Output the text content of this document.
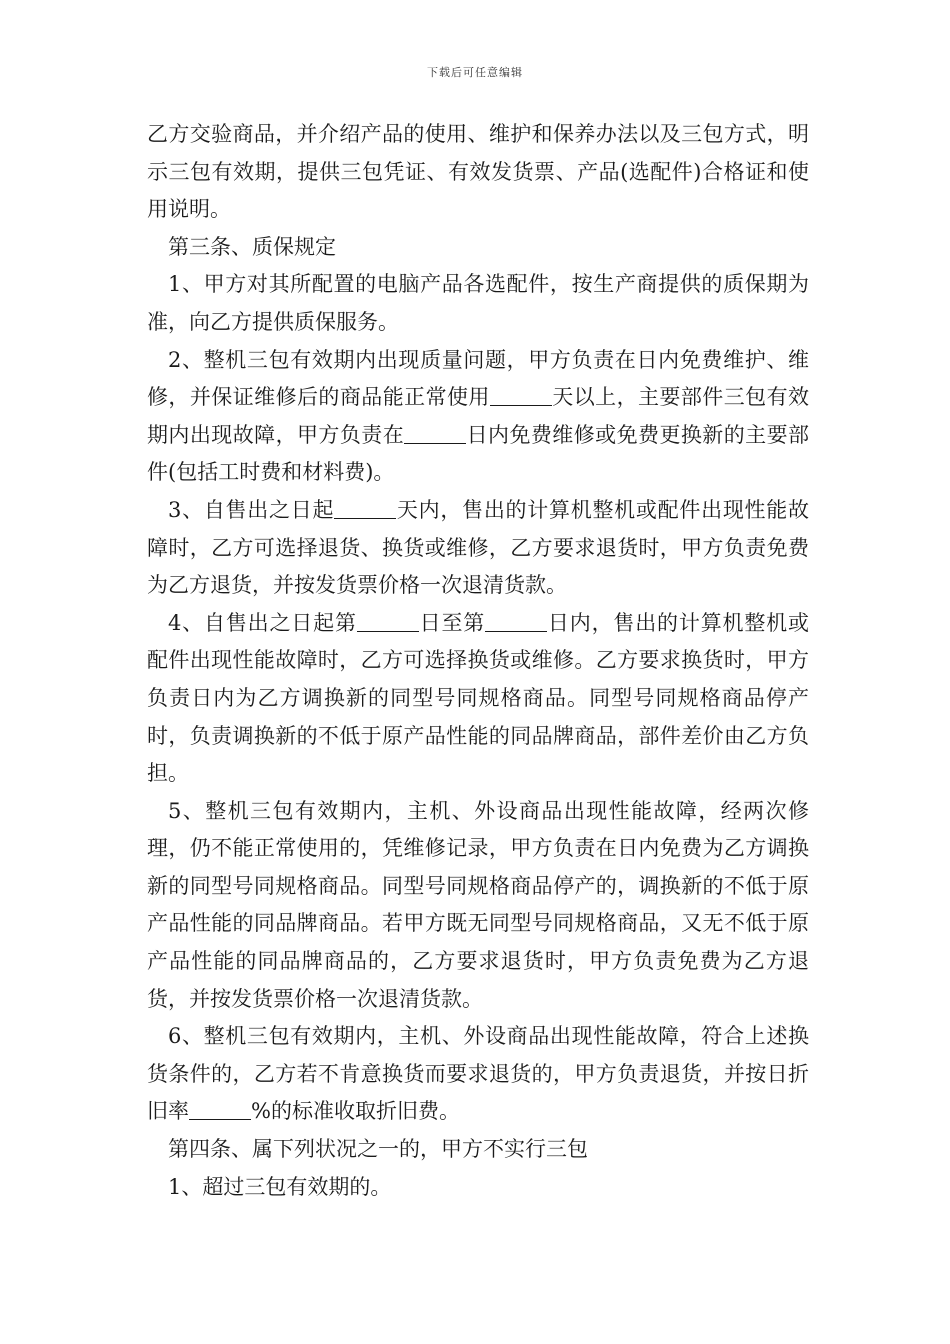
下载后可任意编辑

乙方交验商品，并介绍产品的使用、维护和保养办法以及三包方式，明示三包有效期，提供三包凭证、有效发货票、产品(选配件)合格证和使用说明。

第三条、质保规定

1、甲方对其所配置的电脑产品各选配件，按生产商提供的质保期为准，向乙方提供质保服务。

2、整机三包有效期内出现质量问题，甲方负责在日内免费维护、维修，并保证维修后的商品能正常使用	天以上，主要部件三包有效期内出现故障，甲方负责在	日内免费维修或免费更换新的主要部件(包括工时费和材料费)。

3、自售出之日起	天内，售出的计算机整机或配件出现性能故障时，乙方可选择退货、换货或维修，乙方要求退货时，甲方负责免费为乙方退货，并按发货票价格一次退清货款。

4、自售出之日起第	日至第	日内，售出的计算机整机或配件出现性能故障时，乙方可选择换货或维修。乙方要求换货时，甲方负责日内为乙方调换新的同型号同规格商品。同型号同规格商品停产时，负责调换新的不低于原产品性能的同品牌商品，部件差价由乙方负担。

5、整机三包有效期内，主机、外设商品出现性能故障，经两次修理，仍不能正常使用的，凭维修记录，甲方负责在日内免费为乙方调换新的同型号同规格商品。同型号同规格商品停产的，调换新的不低于原产品性能的同品牌商品。若甲方既无同型号同规格商品，又无不低于原产品性能的同品牌商品的，乙方要求退货时，甲方负责免费为乙方退货，并按发货票价格一次退清货款。

6、整机三包有效期内，主机、外设商品出现性能故障，符合上述换货条件的，乙方若不肯意换货而要求退货的，甲方负责退货，并按日折旧率	%的标准收取折旧费。

第四条、属下列状况之一的，甲方不实行三包

1、超过三包有效期的。
